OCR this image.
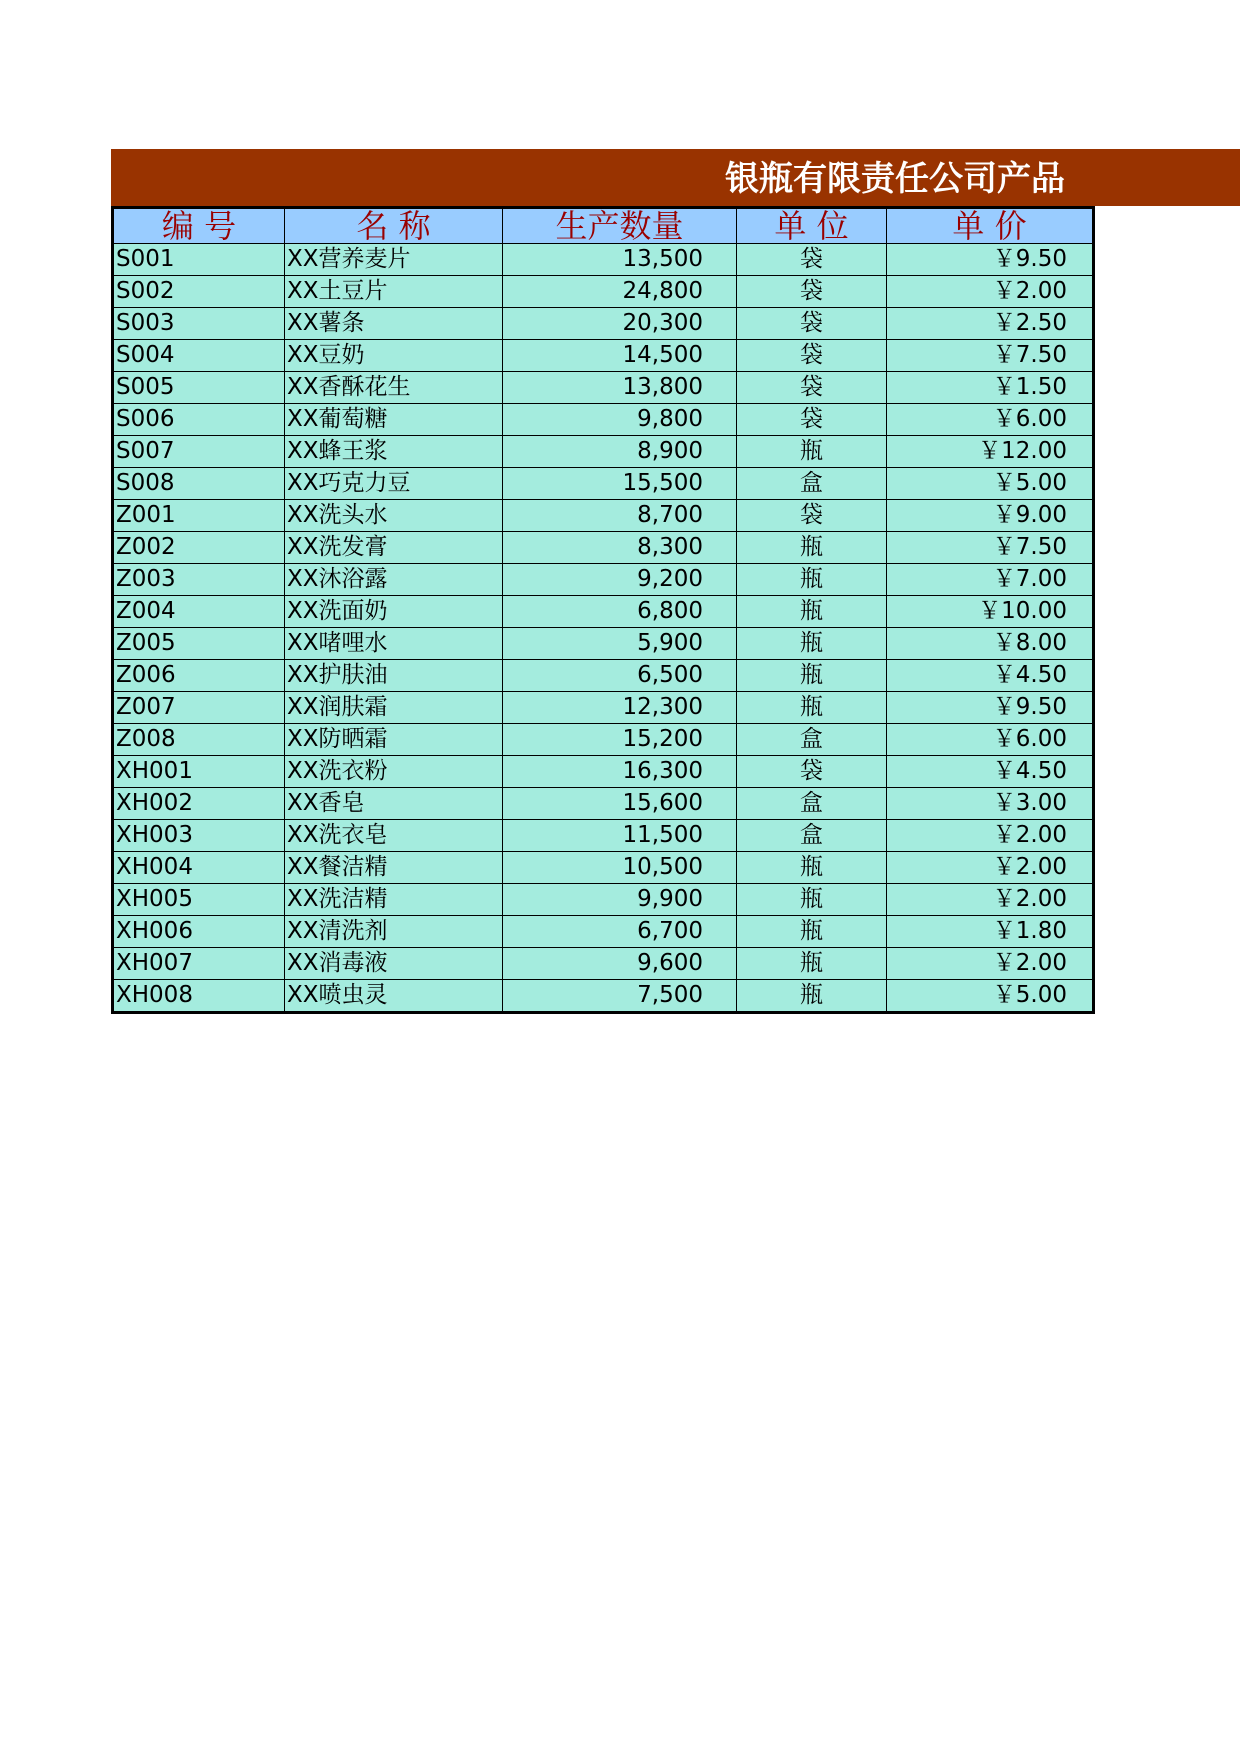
银瓶有限责任公司产品
编 号	名 称	生产数量	单 位	单 价
S001	XX营养麦片	13,500	袋	￥9.50
S002	XX土豆片	24,800	袋	￥2.00
S003	XX薯条	20,300	袋	￥2.50
S004	XX豆奶	14,500	袋	￥7.50
S005	XX香酥花生	13,800	袋	￥1.50
S006	XX葡萄糖	9,800	袋	￥6.00
S007	XX蜂王浆	8,900	瓶	￥12.00
S008	XX巧克力豆	15,500	盒	￥5.00
Z001	XX洗头水	8,700	袋	￥9.00
Z002	XX洗发膏	8,300	瓶	￥7.50
Z003	XX沐浴露	9,200	瓶	￥7.00
Z004	XX洗面奶	6,800	瓶	￥10.00
Z005	XX啫哩水	5,900	瓶	￥8.00
Z006	XX护肤油	6,500	瓶	￥4.50
Z007	XX润肤霜	12,300	瓶	￥9.50
Z008	XX防晒霜	15,200	盒	￥6.00
XH001	XX洗衣粉	16,300	袋	￥4.50
XH002	XX香皂	15,600	盒	￥3.00
XH003	XX洗衣皂	11,500	盒	￥2.00
XH004	XX餐洁精	10,500	瓶	￥2.00
XH005	XX洗洁精	9,900	瓶	￥2.00
XH006	XX清洗剂	6,700	瓶	￥1.80
XH007	XX消毒液	9,600	瓶	￥2.00
XH008	XX喷虫灵	7,500	瓶	￥5.00
